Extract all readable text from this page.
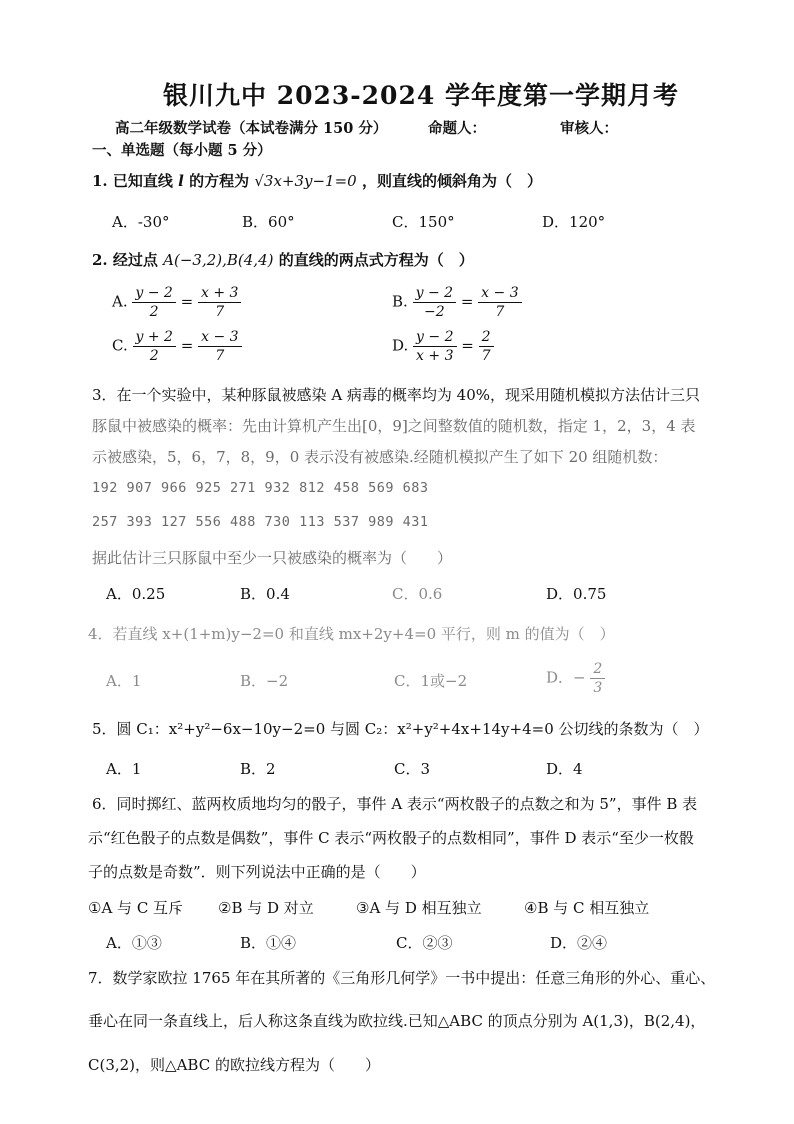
银川九中 2023-2024 学年度第一学期月考
高二年级数学试卷（本试卷满分 150 分）	命题人：	审核人：
一、单选题（每小题 5 分）
1. 已知直线 l 的方程为 √3x+3y−1=0 ，则直线的倾斜角为（　）
A．-30°	B．60°	C．150°	D．120°
2. 经过点 A(−3,2),B(4,4) 的直线的两点式方程为（　）
A. $\frac{y - 2}{2} = \frac{x + 3}{7}$	B. $\frac{y - 2}{-2} = \frac{x - 3}{7}$
C. $\frac{y + 2}{2} = \frac{x - 3}{7}$	D. $\frac{y - 2}{x + 3} = \frac{2}{7}$
3．在一个实验中，某种豚鼠被感染 A 病毒的概率均为 40%，现采用随机模拟方法估计三只
豚鼠中被感染的概率：先由计算机产生出[0，9]之间整数值的随机数，指定 1，2，3，4 表
示被感染，5，6，7，8，9，0 表示没有被感染.经随机模拟产生了如下 20 组随机数：
192 907 966 925 271 932 812 458 569 683
257 393 127 556 488 730 113 537 989 431
据此估计三只豚鼠中至少一只被感染的概率为（　　）
A．0.25	B．0.4	C．0.6	D．0.75
4．若直线 x+(1+m)y−2=0 和直线 mx+2y+4=0 平行，则 m 的值为（　）
A．1	B．−2	C．1或−2	D．− $\frac{2}{3}$
5．圆 C₁：x²+y²−6x−10y−2=0 与圆 C₂：x²+y²+4x+14y+4=0 公切线的条数为（　）
A．1	B．2	C．3	D．4
6．同时掷红、蓝两枚质地均匀的骰子，事件 A 表示“两枚骰子的点数之和为 5”，事件 B 表
示“红色骰子的点数是偶数”，事件 C 表示“两枚骰子的点数相同”，事件 D 表示“至少一枚骰
子的点数是奇数”．则下列说法中正确的是（　　）
①A 与 C 互斥 ②B 与 D 对立	③A 与 D 相互独立	④B 与 C 相互独立
A．①③	B．①④	C．②③	D．②④
7．数学家欧拉 1765 年在其所著的《三角形几何学》一书中提出：任意三角形的外心、重心、
垂心在同一条直线上，后人称这条直线为欧拉线.已知△ABC 的顶点分别为 A(1,3)，B(2,4)，
C(3,2)，则△ABC 的欧拉线方程为（　　）
